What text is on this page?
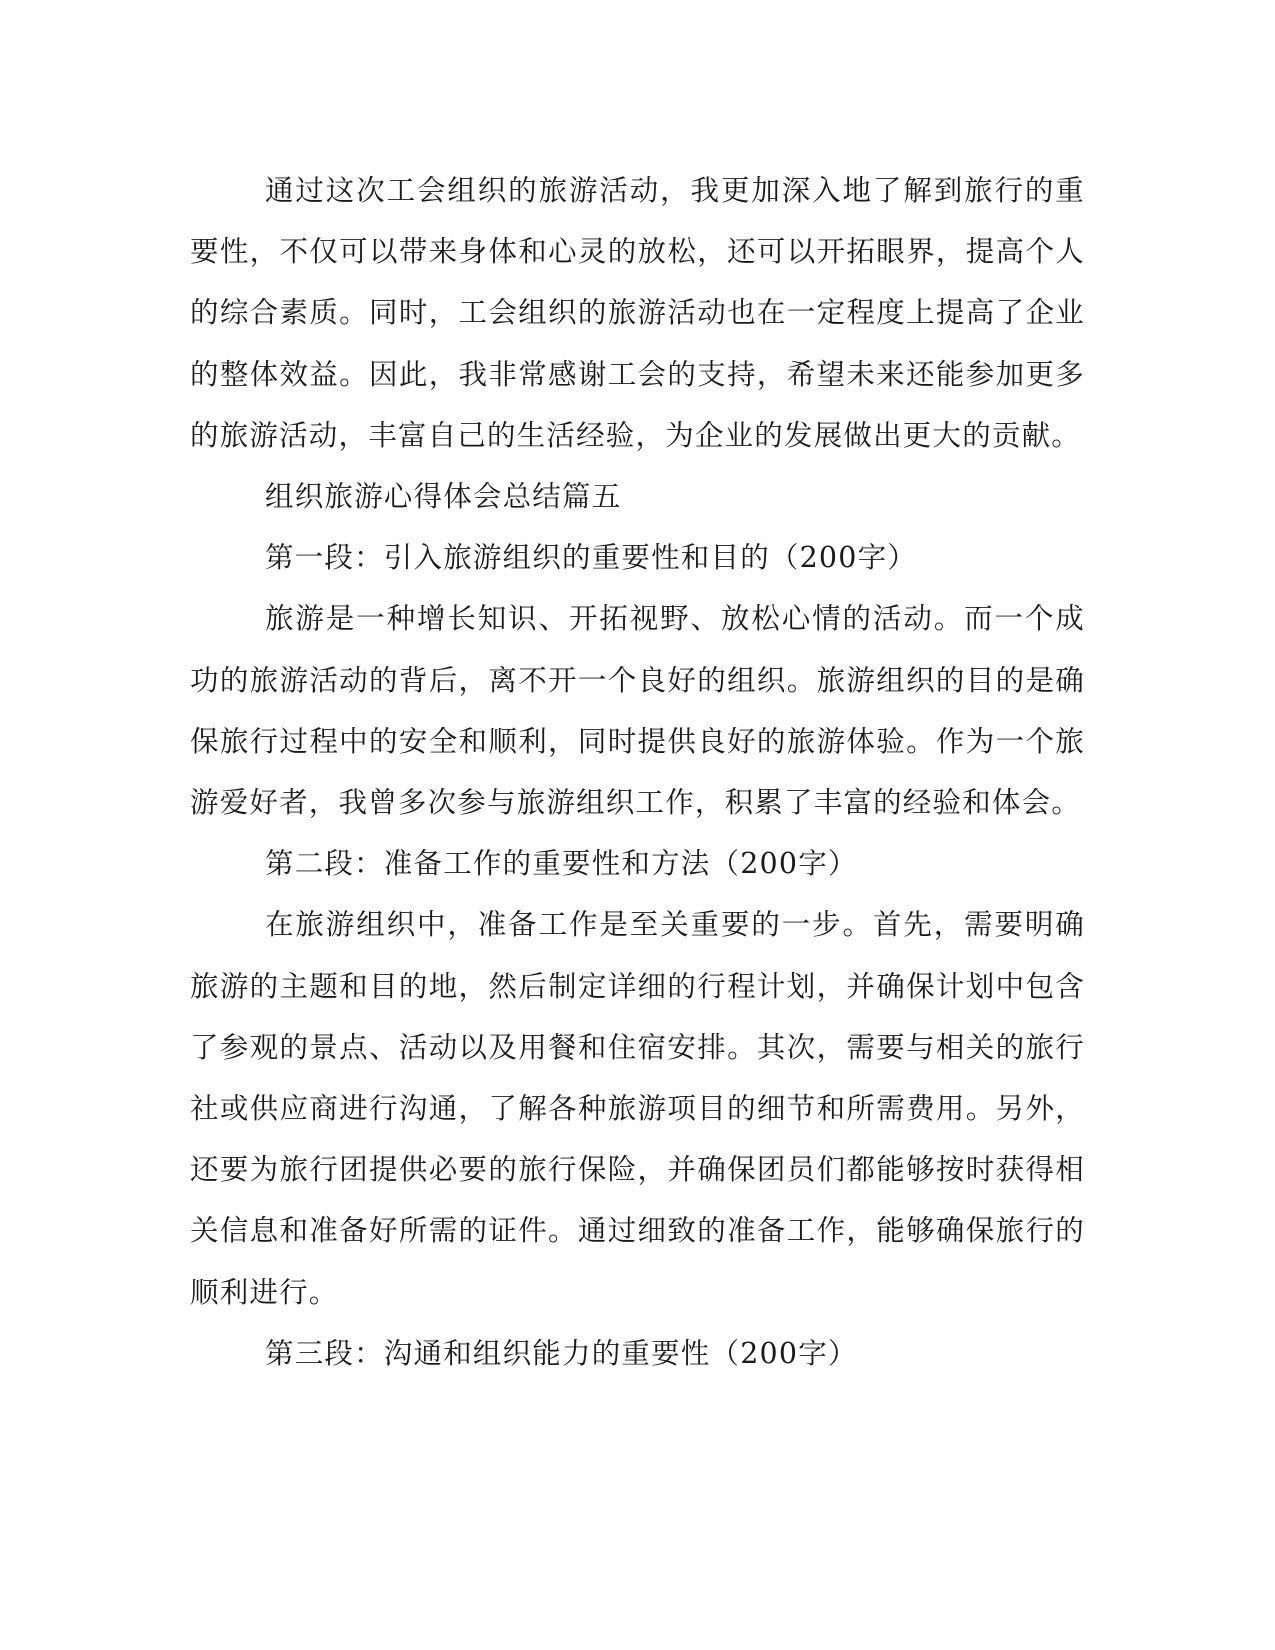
通过这次工会组织的旅游活动，我更加深入地了解到旅行的重要性，不仅可以带来身体和心灵的放松，还可以开拓眼界，提高个人的综合素质。同时，工会组织的旅游活动也在一定程度上提高了企业的整体效益。因此，我非常感谢工会的支持，希望未来还能参加更多的旅游活动，丰富自己的生活经验，为企业的发展做出更大的贡献。

组织旅游心得体会总结篇五

第一段：引入旅游组织的重要性和目的（200字）

旅游是一种增长知识、开拓视野、放松心情的活动。而一个成功的旅游活动的背后，离不开一个良好的组织。旅游组织的目的是确保旅行过程中的安全和顺利，同时提供良好的旅游体验。作为一个旅游爱好者，我曾多次参与旅游组织工作，积累了丰富的经验和体会。

第二段：准备工作的重要性和方法（200字）

在旅游组织中，准备工作是至关重要的一步。首先，需要明确旅游的主题和目的地，然后制定详细的行程计划，并确保计划中包含了参观的景点、活动以及用餐和住宿安排。其次，需要与相关的旅行社或供应商进行沟通，了解各种旅游项目的细节和所需费用。另外，还要为旅行团提供必要的旅行保险，并确保团员们都能够按时获得相关信息和准备好所需的证件。通过细致的准备工作，能够确保旅行的顺利进行。

第三段：沟通和组织能力的重要性（200字）
